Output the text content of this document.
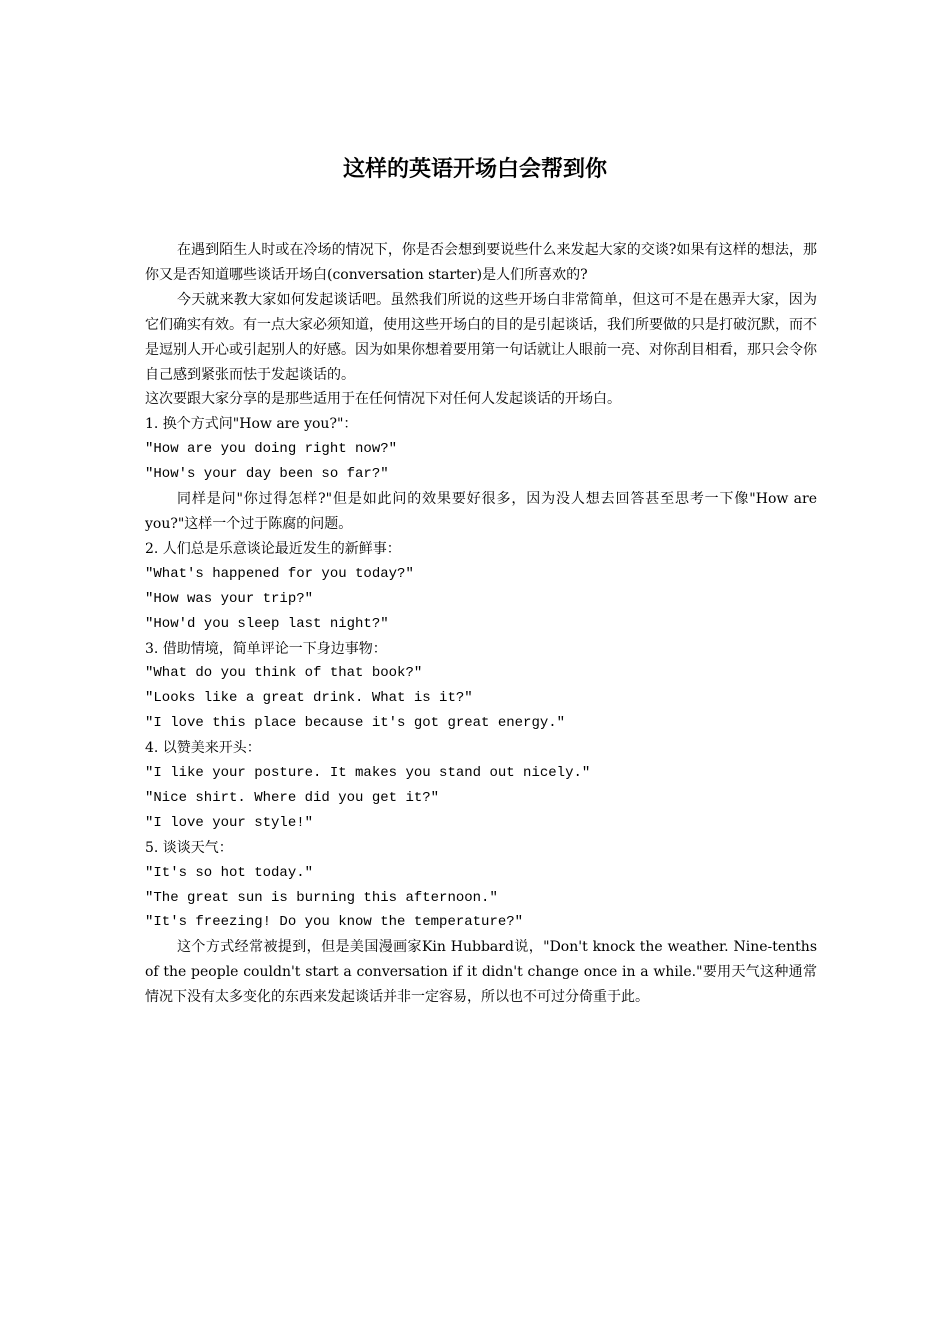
这样的英语开场白会帮到你

在遇到陌生人时或在冷场的情况下，你是否会想到要说些什么来发起大家的交谈?如果有这样的想法，那你又是否知道哪些谈话开场白(conversation starter)是人们所喜欢的?

今天就来教大家如何发起谈话吧。虽然我们所说的这些开场白非常简单，但这可不是在愚弄大家，因为它们确实有效。有一点大家必须知道，使用这些开场白的目的是引起谈话，我们所要做的只是打破沉默，而不是逗别人开心或引起别人的好感。因为如果你想着要用第一句话就让人眼前一亮、对你刮目相看，那只会令你自己感到紧张而怯于发起谈话的。

这次要跟大家分享的是那些适用于在任何情况下对任何人发起谈话的开场白。

1. 换个方式问"How are you?"：

"How are you doing right now?"

"How's your day been so far?"

同样是问"你过得怎样?"但是如此问的效果要好很多，因为没人想去回答甚至思考一下像"How are you?"这样一个过于陈腐的问题。

2. 人们总是乐意谈论最近发生的新鲜事：

"What's happened for you today?"

"How was your trip?"

"How'd you sleep last night?"

3. 借助情境，简单评论一下身边事物：

"What do you think of that book?"

"Looks like a great drink. What is it?"

"I love this place because it's got great energy."

4. 以赞美来开头：

"I like your posture. It makes you stand out nicely."

"Nice shirt. Where did you get it?"

"I love your style!"

5. 谈谈天气：

"It's so hot today."

"The great sun is burning this afternoon."

"It's freezing! Do you know the temperature?"

这个方式经常被提到，但是美国漫画家Kin Hubbard说，"Don't knock the weather. Nine-tenths of the people couldn't start a conversation if it didn't change once in a while."要用天气这种通常情况下没有太多变化的东西来发起谈话并非一定容易，所以也不可过分倚重于此。
